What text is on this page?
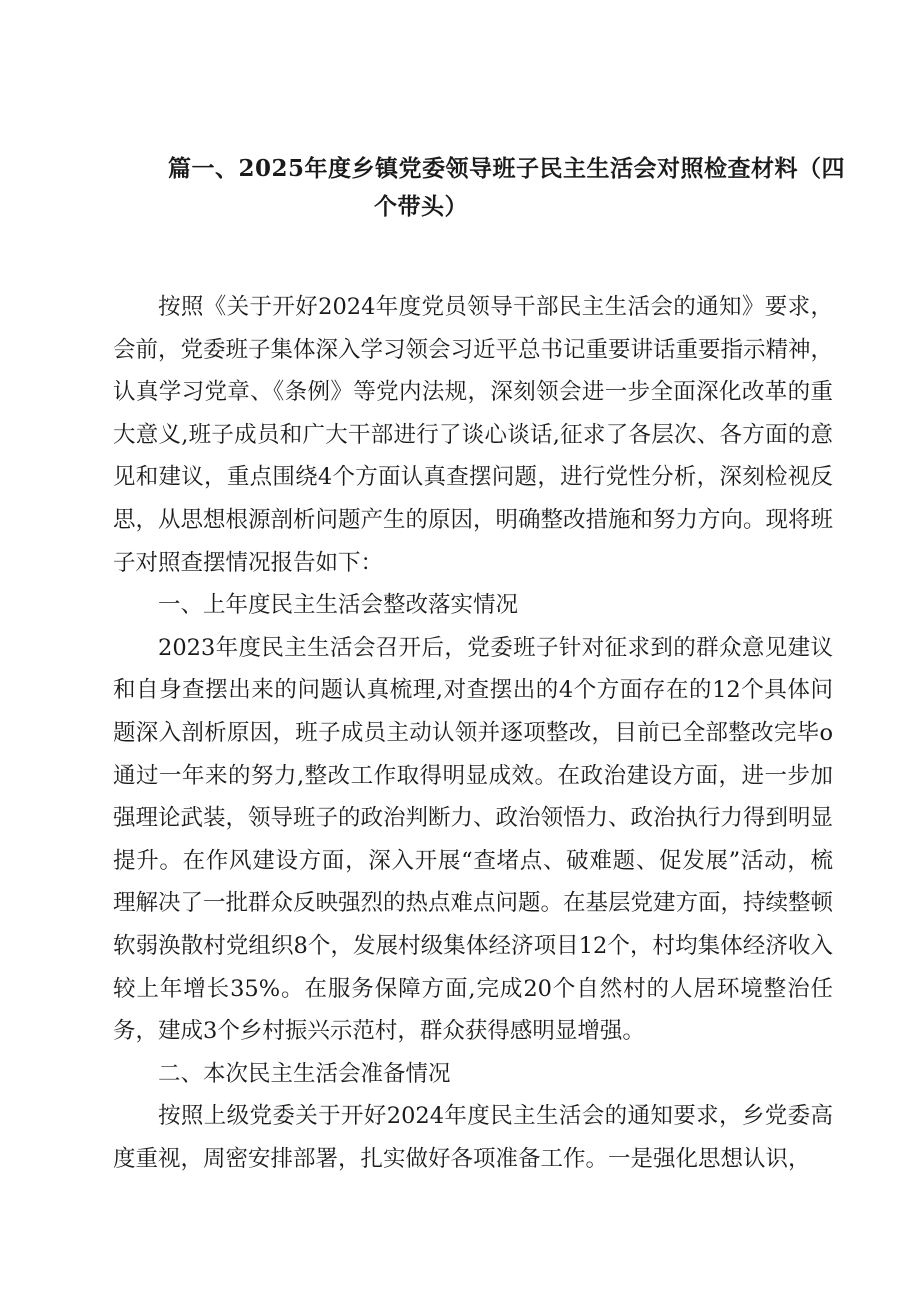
篇一、2025年度乡镇党委领导班子民主生活会对照检查材料（四
个带头）

按照《关于开好2024年度党员领导干部民主生活会的通知》要求，会前，党委班子集体深入学习领会习近平总书记重要讲话重要指示精神，认真学习党章、《条例》等党内法规，深刻领会进一步全面深化改革的重大意义,班子成员和广大干部进行了谈心谈话,征求了各层次、各方面的意见和建议，重点围绕4个方面认真查摆问题，进行党性分析，深刻检视反思，从思想根源剖析问题产生的原因，明确整改措施和努力方向。现将班子对照查摆情况报告如下：

一、上年度民主生活会整改落实情况

2023年度民主生活会召开后，党委班子针对征求到的群众意见建议和自身查摆出来的问题认真梳理,对查摆出的4个方面存在的12个具体问题深入剖析原因，班子成员主动认领并逐项整改，目前已全部整改完毕o通过一年来的努力,整改工作取得明显成效。在政治建设方面，进一步加强理论武装，领导班子的政治判断力、政治领悟力、政治执行力得到明显提升。在作风建设方面，深入开展“查堵点、破难题、促发展”活动，梳理解决了一批群众反映强烈的热点难点问题。在基层党建方面，持续整顿软弱涣散村党组织8个，发展村级集体经济项目12个，村均集体经济收入较上年增长35%。在服务保障方面,完成20个自然村的人居环境整治任务，建成3个乡村振兴示范村，群众获得感明显增强。

二、本次民主生活会准备情况

按照上级党委关于开好2024年度民主生活会的通知要求，乡党委高度重视，周密安排部署，扎实做好各项准备工作。一是强化思想认识，
